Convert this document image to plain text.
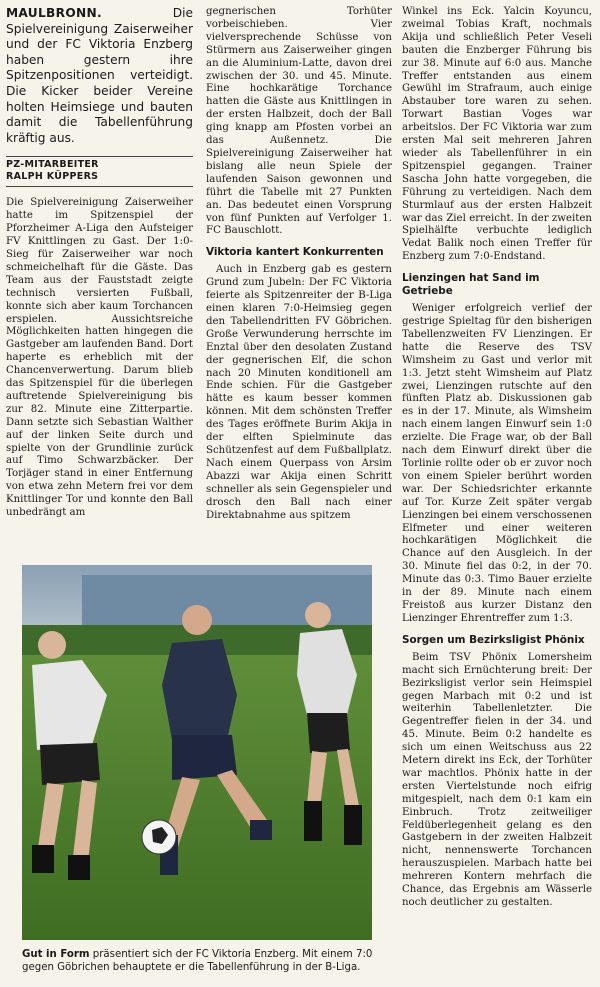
MAULBRONN. Die Spielvereinigung Zaiserweiher und der FC Viktoria Enzberg haben gestern ihre Spitzenpositionen verteidigt. Die Kicker beider Vereine holten Heimsiege und bauten damit die Tabellenführung kräftig aus.

PZ-MITARBEITER
RALPH KÜPPERS

Die Spielvereinigung Zaiserweiher hatte im Spitzenspiel der Pforzheimer A-Liga den Aufsteiger FV Knittlingen zu Gast. Der 1:0-Sieg für Zaiserweiher war noch schmeichelhaft für die Gäste. Das Team aus der Fauststadt zeigte technisch versierten Fußball, konnte sich aber kaum Torchancen erspielen. Aussichtsreiche Möglichkeiten hatten hingegen die Gastgeber am laufenden Band. Dort haperte es erheblich mit der Chancenverwertung. Darum blieb das Spitzenspiel für die überlegen auftretende Spielvereinigung bis zur 82. Minute eine Zitterpartie. Dann setzte sich Sebastian Walther auf der linken Seite durch und spielte von der Grundlinie zurück auf Timo Schwarzbäcker. Der Torjäger stand in einer Entfernung von etwa zehn Metern frei vor dem Knittlinger Tor und konnte den Ball unbedrängt am

gegnerischen Torhüter vorbeischieben. Vier vielversprechende Schüsse von Stürmern aus Zaiserweiher gingen an die Aluminium-Latte, davon drei zwischen der 30. und 45. Minute. Eine hochkarätige Torchance hatten die Gäste aus Knittlingen in der ersten Halbzeit, doch der Ball ging knapp am Pfosten vorbei an das Außennetz. Die Spielvereinigung Zaiserweiher hat bislang alle neun Spiele der laufenden Saison gewonnen und führt die Tabelle mit 27 Punkten an. Das bedeutet einen Vorsprung von fünf Punkten auf Verfolger 1. FC Bauschlott.

Viktoria kantert Konkurrenten

Auch in Enzberg gab es gestern Grund zum Jubeln: Der FC Viktoria feierte als Spitzenreiter der B-Liga einen klaren 7:0-Heimsieg gegen den Tabellendritten FV Göbrichen. Große Verwunderung herrschte im Enztal über den desolaten Zustand der gegnerischen Elf, die schon nach 20 Minuten konditionell am Ende schien. Für die Gastgeber hätte es kaum besser kommen können. Mit dem schönsten Treffer des Tages eröffnete Burim Akija in der elften Spielminute das Schützenfest auf dem Fußballplatz. Nach einem Querpass von Arsim Abazzi war Akija einen Schritt schneller als sein Gegenspieler und drosch den Ball nach einer Direktabnahme aus spitzem

Winkel ins Eck. Yalcin Koyuncu, zweimal Tobias Kraft, nochmals Akija und schließlich Peter Veseli bauten die Enzberger Führung bis zur 38. Minute auf 6:0 aus. Manche Treffer entstanden aus einem Gewühl im Strafraum, auch einige Abstauber tore waren zu sehen. Torwart Bastian Voges war arbeitslos. Der FC Viktoria war zum ersten Mal seit mehreren Jahren wieder als Tabellenführer in ein Spitzenspiel gegangen. Trainer Sascha John hatte vorgegeben, die Führung zu verteidigen. Nach dem Sturmlauf aus der ersten Halbzeit war das Ziel erreicht. In der zweiten Spielhälfte verbuchte lediglich Vedat Balik noch einen Treffer für Enzberg zum 7:0-Endstand.

Lienzingen hat Sand im Getriebe

Weniger erfolgreich verlief der gestrige Spieltag für den bisherigen Tabellenzweiten FV Lienzingen. Er hatte die Reserve des TSV Wimsheim zu Gast und verlor mit 1:3. Jetzt steht Wimsheim auf Platz zwei, Lienzingen rutschte auf den fünften Platz ab. Diskussionen gab es in der 17. Minute, als Wimsheim nach einem langen Einwurf sein 1:0 erzielte. Die Frage war, ob der Ball nach dem Einwurf direkt über die Torlinie rollte oder ob er zuvor noch von einem Spieler berührt worden war. Der Schiedsrichter erkannte auf Tor. Kurze Zeit später vergab Lienzingen bei einem verschossenen Elfmeter und einer weiteren hochkarätigen Möglichkeit die Chance auf den Ausgleich. In der 30. Minute fiel das 0:2, in der 70. Minute das 0:3. Timo Bauer erzielte in der 89. Minute nach einem Freistoß aus kurzer Distanz den Lienzinger Ehrentreffer zum 1:3.

Sorgen um Bezirksligist Phönix

Beim TSV Phönix Lomersheim macht sich Ernüchterung breit: Der Bezirksligist verlor sein Heimspiel gegen Marbach mit 0:2 und ist weiterhin Tabellenletzter. Die Gegentreffer fielen in der 34. und 45. Minute. Beim 0:2 handelte es sich um einen Weitschuss aus 22 Metern direkt ins Eck, der Torhüter war machtlos. Phönix hatte in der ersten Viertelstunde noch eifrig mitgespielt, nach dem 0:1 kam ein Einbruch. Trotz zeitweiliger Feldüberlegenheit gelang es den Gastgebern in der zweiten Halbzeit nicht, nennenswerte Torchancen herauszuspielen. Marbach hatte bei mehreren Kontern mehrfach die Chance, das Ergebnis am Wässerle noch deutlicher zu gestalten.

Gut in Form präsentiert sich der FC Viktoria Enzberg. Mit einem 7:0 gegen Göbrichen behauptete er die Tabellenführung in der B-Liga.
